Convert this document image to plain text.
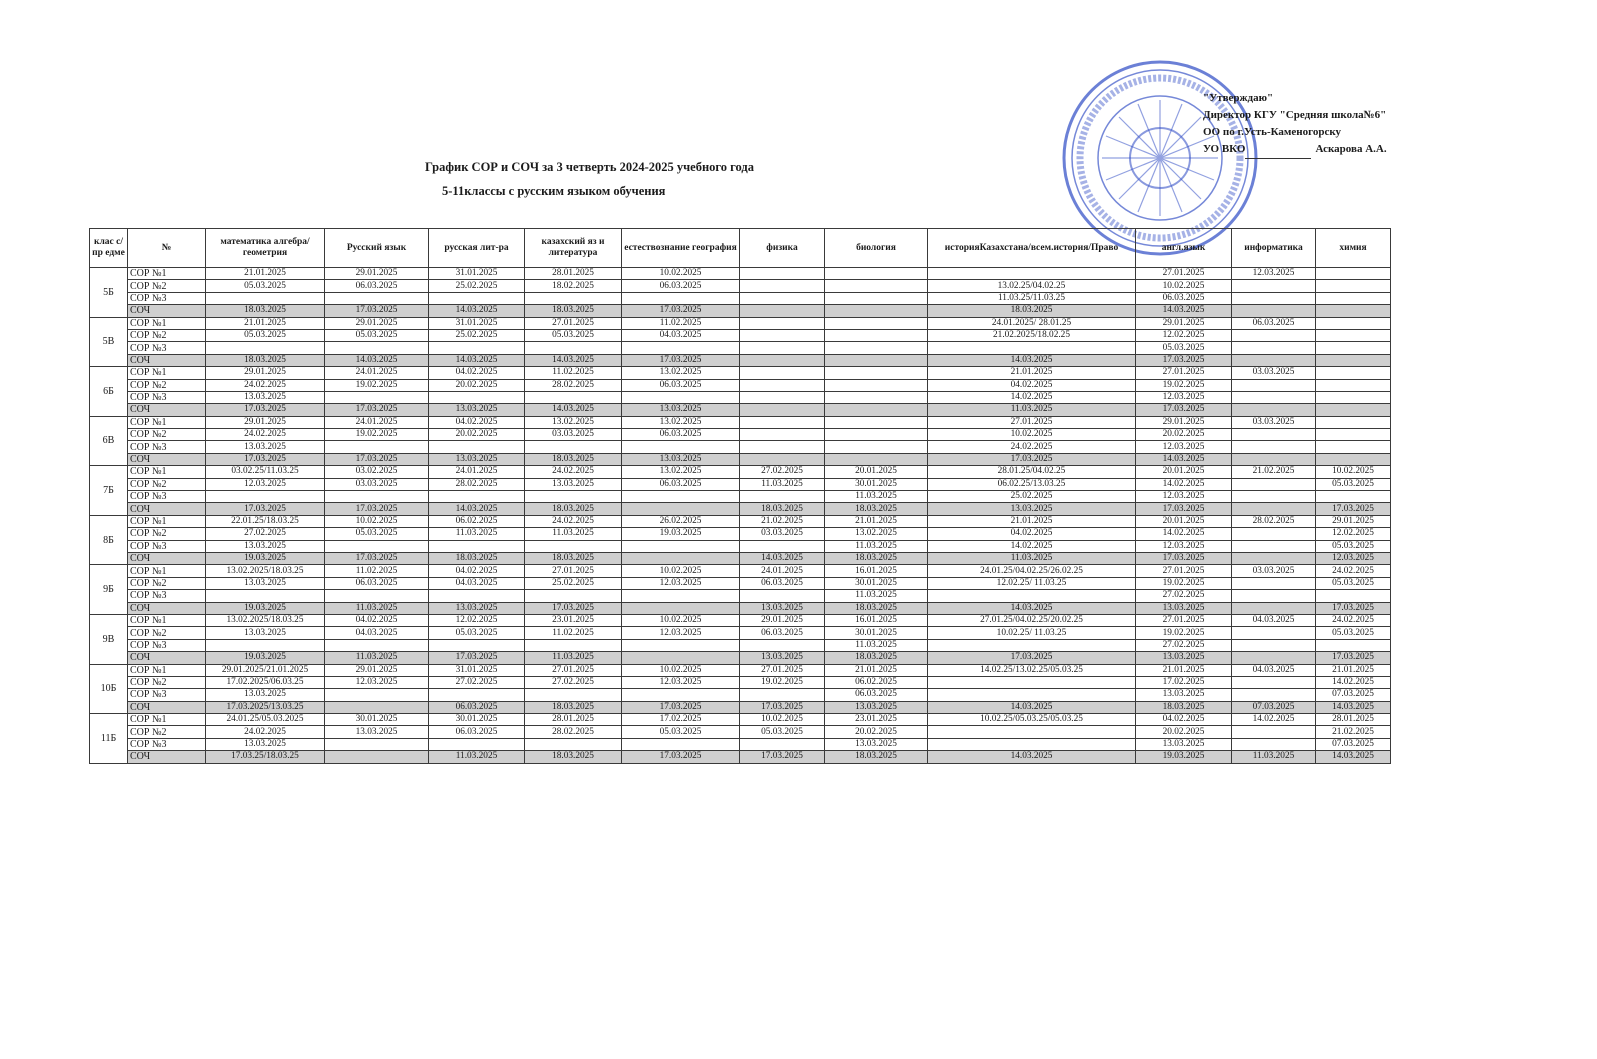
"Утверждаю"
Директор КГУ "Средняя школа№6"
ОО по г.Усть-Каменогорску
УО ВКО	Аскарова А.А.
График СОР и СОЧ за 3 четверть 2024-2025 учебного года
5-11классы с русским языком обучения
клас с/пр едме	№	математика алгебра/ геометрия	Русский язык	русская лит-ра	казахский яз и литература	естествознание география	физика	биология	историяКазахстана/всем.история/Право	англ.язык	информатика	химия
5Б	СОР №1	21.01.2025	29.01.2025	31.01.2025	28.01.2025	10.02.2025				27.01.2025	12.03.2025	
	СОР №2	05.03.2025	06.03.2025	25.02.2025	18.02.2025	06.03.2025			13.02.25/04.02.25	10.02.2025		
	СОР №3								11.03.25/11.03.25	06.03.2025		
	СОЧ	18.03.2025	17.03.2025	14.03.2025	18.03.2025	17.03.2025			18.03.2025	14.03.2025		
5В	СОР №1	21.01.2025	29.01.2025	31.01.2025	27.01.2025	11.02.2025			24.01.2025/ 28.01.25	29.01.2025	06.03.2025	
	СОР №2	05.03.2025	05.03.2025	25.02.2025	05.03.2025	04.03.2025			21.02.2025/18.02.25	12.02.2025		
	СОР №3									05.03.2025		
	СОЧ	18.03.2025	14.03.2025	14.03.2025	14.03.2025	17.03.2025			14.03.2025	17.03.2025		
6Б	СОР №1	29.01.2025	24.01.2025	04.02.2025	11.02.2025	13.02.2025			21.01.2025	27.01.2025	03.03.2025	
	СОР №2	24.02.2025	19.02.2025	20.02.2025	28.02.2025	06.03.2025			04.02.2025	19.02.2025		
	СОР №3	13.03.2025							14.02.2025	12.03.2025		
	СОЧ	17.03.2025	17.03.2025	13.03.2025	14.03.2025	13.03.2025			11.03.2025	17.03.2025		
6В	СОР №1	29.01.2025	24.01.2025	04.02.2025	13.02.2025	13.02.2025			27.01.2025	29.01.2025	03.03.2025	
	СОР №2	24.02.2025	19.02.2025	20.02.2025	03.03.2025	06.03.2025			10.02.2025	20.02.2025		
	СОР №3	13.03.2025							24.02.2025	12.03.2025		
	СОЧ	17.03.2025	17.03.2025	13.03.2025	18.03.2025	13.03.2025			17.03.2025	14.03.2025		
7Б	СОР №1	03.02.25/11.03.25	03.02.2025	24.01.2025	24.02.2025	13.02.2025	27.02.2025	20.01.2025	28.01.25/04.02.25	20.01.2025	21.02.2025	10.02.2025
	СОР №2	12.03.2025	03.03.2025	28.02.2025	13.03.2025	06.03.2025	11.03.2025	30.01.2025	06.02.25/13.03.25	14.02.2025		05.03.2025
	СОР №3							11.03.2025	25.02.2025	12.03.2025		
	СОЧ	17.03.2025	17.03.2025	14.03.2025	18.03.2025		18.03.2025	18.03.2025	13.03.2025	17.03.2025		17.03.2025
8Б	СОР №1	22.01.25/18.03.25	10.02.2025	06.02.2025	24.02.2025	26.02.2025	21.02.2025	21.01.2025	21.01.2025	20.01.2025	28.02.2025	29.01.2025
	СОР №2	27.02.2025	05.03.2025	11.03.2025	11.03.2025	19.03.2025	03.03.2025	13.02.2025	04.02.2025	14.02.2025		12.02.2025
	СОР №3	13.03.2025						11.03.2025	14.02.2025	12.03.2025		05.03.2025
	СОЧ	19.03.2025	17.03.2025	18.03.2025	18.03.2025		14.03.2025	18.03.2025	11.03.2025	17.03.2025		12.03.2025
9Б	СОР №1	13.02.2025/18.03.25	11.02.2025	04.02.2025	27.01.2025	10.02.2025	24.01.2025	16.01.2025	24.01.25/04.02.25/26.02.25	27.01.2025	03.03.2025	24.02.2025
	СОР №2	13.03.2025	06.03.2025	04.03.2025	25.02.2025	12.03.2025	06.03.2025	30.01.2025	12.02.25/ 11.03.25	19.02.2025		05.03.2025
	СОР №3							11.03.2025		27.02.2025		
	СОЧ	19.03.2025	11.03.2025	13.03.2025	17.03.2025		13.03.2025	18.03.2025	14.03.2025	13.03.2025		17.03.2025
9В	СОР №1	13.02.2025/18.03.25	04.02.2025	12.02.2025	23.01.2025	10.02.2025	29.01.2025	16.01.2025	27.01.25/04.02.25/20.02.25	27.01.2025	04.03.2025	24.02.2025
	СОР №2	13.03.2025	04.03.2025	05.03.2025	11.02.2025	12.03.2025	06.03.2025	30.01.2025	10.02.25/ 11.03.25	19.02.2025		05.03.2025
	СОР №3							11.03.2025		27.02.2025		
	СОЧ	19.03.2025	11.03.2025	17.03.2025	11.03.2025		13.03.2025	18.03.2025	17.03.2025	13.03.2025		17.03.2025
10Б	СОР №1	29.01.2025/21.01.2025	29.01.2025	31.01.2025	27.01.2025	10.02.2025	27.01.2025	21.01.2025	14.02.25/13.02.25/05.03.25	21.01.2025	04.03.2025	21.01.2025
	СОР №2	17.02.2025/06.03.25	12.03.2025	27.02.2025	27.02.2025	12.03.2025	19.02.2025	06.02.2025		17.02.2025		14.02.2025
	СОР №3	13.03.2025						06.03.2025		13.03.2025		07.03.2025
	СОЧ	17.03.2025/13.03.25		06.03.2025	18.03.2025	17.03.2025	17.03.2025	13.03.2025	14.03.2025	18.03.2025	07.03.2025	14.03.2025
11Б	СОР №1	24.01.25/05.03.2025	30.01.2025	30.01.2025	28.01.2025	17.02.2025	10.02.2025	23.01.2025	10.02.25/05.03.25/05.03.25	04.02.2025	14.02.2025	28.01.2025
	СОР №2	24.02.2025	13.03.2025	06.03.2025	28.02.2025	05.03.2025	05.03.2025	20.02.2025		20.02.2025		21.02.2025
	СОР №3	13.03.2025						13.03.2025		13.03.2025		07.03.2025
	СОЧ	17.03.25/18.03.25		11.03.2025	18.03.2025	17.03.2025	17.03.2025	18.03.2025	14.03.2025	19.03.2025	11.03.2025	14.03.2025
